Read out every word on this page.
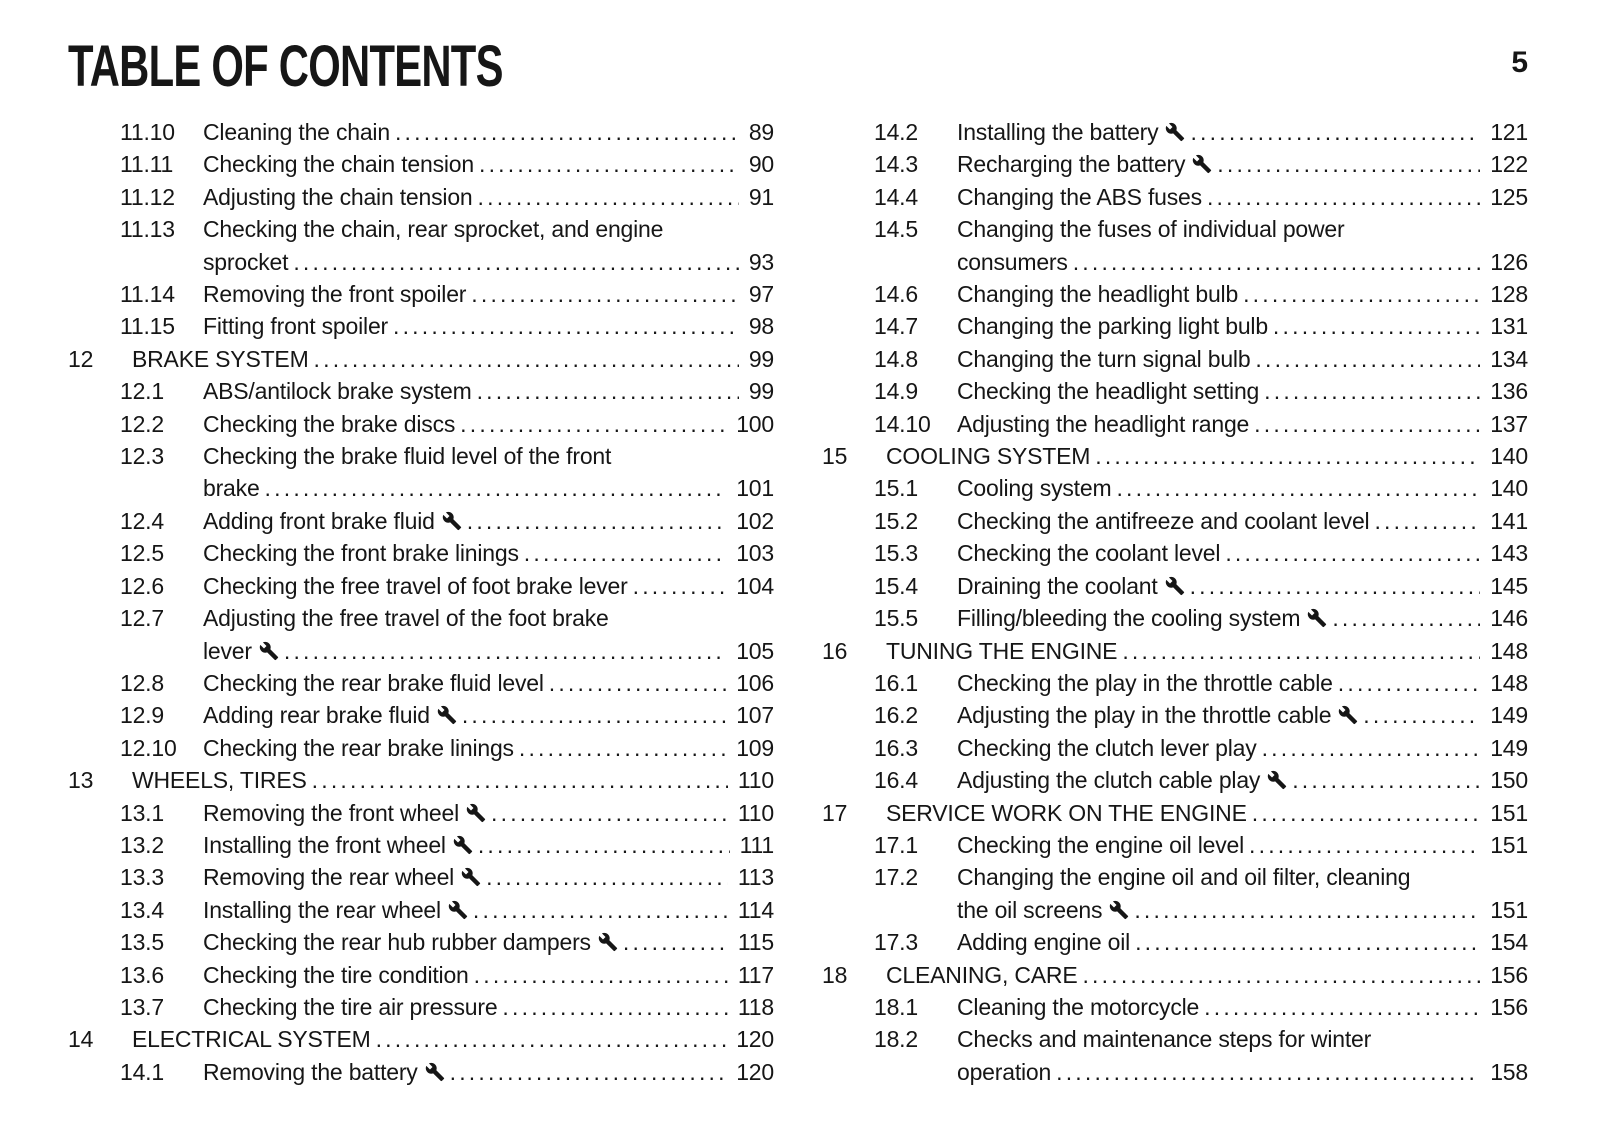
TABLE OF CONTENTS	5
11.10	Cleaning the chain .....	89
11.11	Checking the chain tension .....	90
11.12	Adjusting the chain tension .....	91
11.13	Checking the chain, rear sprocket, and engine
sprocket .....	93
11.14	Removing the front spoiler .....	97
11.15	Fitting front spoiler .....	98
12	BRAKE SYSTEM .....	99
12.1	ABS/antilock brake system .....	99
12.2	Checking the brake discs .....	100
12.3	Checking the brake fluid level of the front
brake .....	101
12.4	Adding front brake fluid .....	102
12.5	Checking the front brake linings .....	103
12.6	Checking the free travel of foot brake lever .....	104
12.7	Adjusting the free travel of the foot brake
lever .....	105
12.8	Checking the rear brake fluid level .....	106
12.9	Adding rear brake fluid .....	107
12.10	Checking the rear brake linings .....	109
13	WHEELS, TIRES .....	110
13.1	Removing the front wheel .....	110
13.2	Installing the front wheel .....	111
13.3	Removing the rear wheel .....	113
13.4	Installing the rear wheel .....	114
13.5	Checking the rear hub rubber dampers .....	115
13.6	Checking the tire condition .....	117
13.7	Checking the tire air pressure .....	118
14	ELECTRICAL SYSTEM .....	120
14.1	Removing the battery .....	120
14.2	Installing the battery .....	121
14.3	Recharging the battery .....	122
14.4	Changing the ABS fuses .....	125
14.5	Changing the fuses of individual power
consumers .....	126
14.6	Changing the headlight bulb .....	128
14.7	Changing the parking light bulb .....	131
14.8	Changing the turn signal bulb .....	134
14.9	Checking the headlight setting .....	136
14.10	Adjusting the headlight range .....	137
15	COOLING SYSTEM .....	140
15.1	Cooling system .....	140
15.2	Checking the antifreeze and coolant level .....	141
15.3	Checking the coolant level .....	143
15.4	Draining the coolant .....	145
15.5	Filling/bleeding the cooling system .....	146
16	TUNING THE ENGINE .....	148
16.1	Checking the play in the throttle cable .....	148
16.2	Adjusting the play in the throttle cable .....	149
16.3	Checking the clutch lever play .....	149
16.4	Adjusting the clutch cable play .....	150
17	SERVICE WORK ON THE ENGINE .....	151
17.1	Checking the engine oil level .....	151
17.2	Changing the engine oil and oil filter, cleaning
the oil screens .....	151
17.3	Adding engine oil .....	154
18	CLEANING, CARE .....	156
18.1	Cleaning the motorcycle .....	156
18.2	Checks and maintenance steps for winter
operation .....	158
